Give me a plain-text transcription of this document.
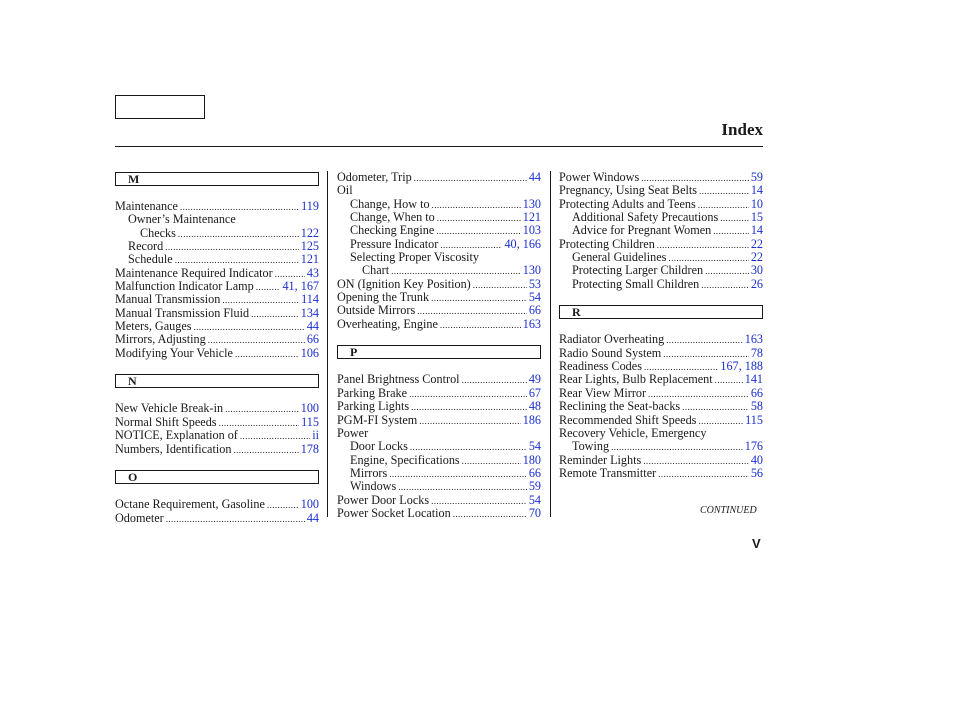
Index
M
Maintenance .....	119
Owner’s Maintenance
Checks .....	122
Record .....	125
Schedule .....	121
Maintenance Required Indicator .....	43
Malfunction Indicator Lamp ..... 41, 167
Manual Transmission .....	114
Manual Transmission Fluid .....	134
Meters, Gauges .....	44
Mirrors, Adjusting .....	66
Modifying Your Vehicle .....	106
N
New Vehicle Break-in .....	100
Normal Shift Speeds .....	115
NOTICE, Explanation of .....	ii
Numbers, Identification .....	178
O
Octane Requirement, Gasoline .....	100
Odometer .....	44
Odometer, Trip .....	44
Oil
Change, How to .....	130
Change, When to .....	121
Checking Engine .....	103
Pressure Indicator .....	40, 166
Selecting Proper Viscosity
Chart .....	130
ON (Ignition Key Position) .....	53
Opening the Trunk .....	54
Outside Mirrors .....	66
Overheating, Engine .....	163
P
Panel Brightness Control .....	49
Parking Brake .....	67
Parking Lights .....	48
PGM-FI System .....	186
Power
Door Locks .....	54
Engine, Specifications .....	180
Mirrors .....	66
Windows .....	59
Power Door Locks .....	54
Power Socket Location .....	70
Power Windows .....	59
Pregnancy, Using Seat Belts .....	14
Protecting Adults and Teens .....	10
Additional Safety Precautions .....	15
Advice for Pregnant Women .....	14
Protecting Children .....	22
General Guidelines .....	22
Protecting Larger Children .....	30
Protecting Small Children .....	26
R
Radiator Overheating .....	163
Radio Sound System .....	78
Readiness Codes .....	167, 188
Rear Lights, Bulb Replacement .....	141
Rear View Mirror .....	66
Reclining the Seat-backs .....	58
Recommended Shift Speeds .....	115
Recovery Vehicle, Emergency
Towing .....	176
Reminder Lights .....	40
Remote Transmitter .....	56
CONTINUED
V
